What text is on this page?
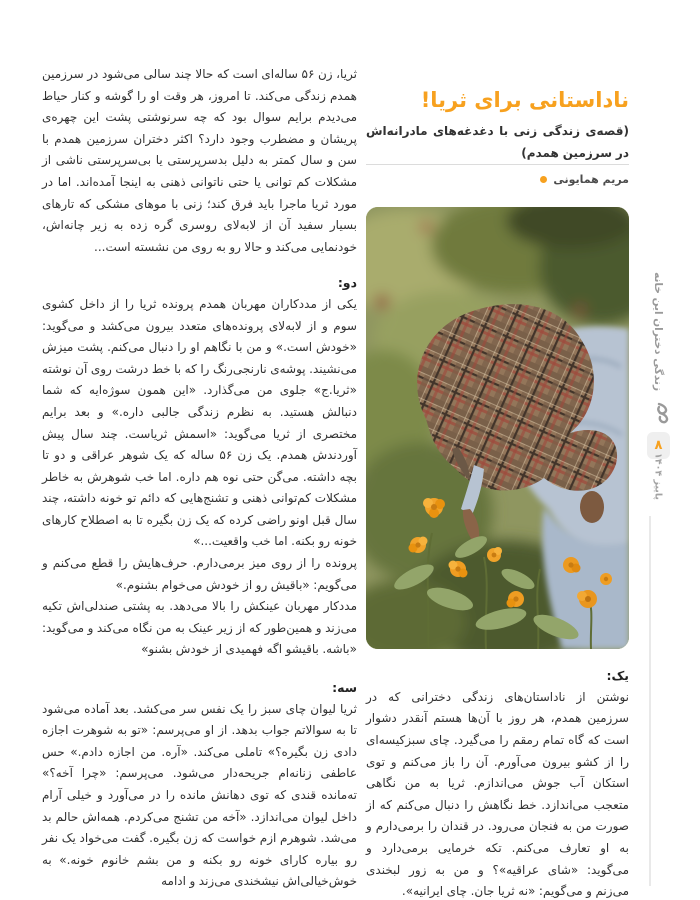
ثریا، زن ۵۶ ساله‌ای است که حالا چند سالی می‌شود در سرزمین همدم زندگی می‌کند. تا امروز، هر وقت او را گوشه و کنار حیاط می‌دیدم برایم سوال بود که چه سرنوشتی پشت این چهره‌ی پریشان و مضطرب وجود دارد؟ اکثر دختران سرزمین همدم با سن و سال کمتر به دلیل بدسرپرستی یا بی‌سرپرستی ناشی از مشکلات کم توانی یا حتی ناتوانی ذهنی به اینجا آمده‌اند. اما در مورد ثریا ماجرا باید فرق کند؛ زنی با موهای مشکی که تارهای بسیار سفید آن از لابه‌لای روسری گره زده به زیر چانه‌اش، خودنمایی می‌کند و حالا رو به روی من نشسته است...

دو:

یکی از مددکاران مهربان همدم پرونده ثریا را از داخل کشوی سوم و از لابه‌لای پرونده‌های متعدد بیرون می‌کشد و می‌گوید: «خودش است.» و من با نگاهم او را دنبال می‌کنم. پشت میزش می‌نشیند. پوشه‌ی نارنجی‌رنگ را که با خط درشت روی آن نوشته «ثریا.ج» جلوی من می‌گذارد. «این همون سوژه‌ایه که شما دنبالش هستید. به نظرم زندگی جالبی داره.» و بعد برایم مختصری از ثریا می‌گوید: «اسمش ثریاست. چند سال پیش آوردندش همدم. یک زن ۵۶ ساله که یک شوهر عراقی و دو تا بچه داشته. می‌گن حتی نوه هم داره. اما خب شوهرش به خاطر مشکلات کم‌توانی ذهنی و تشنج‌هایی که دائم تو خونه داشته، چند سال قبل اونو راضی کرده که یک زن بگیره تا به اصطلاح کارهای خونه رو بکنه. اما خب واقعیت...»

پرونده را از روی میز برمی‌دارم. حرف‌هایش را قطع می‌کنم و می‌گویم: «باقیش رو از خودش می‌خوام بشنوم.»

مددکار مهربان عینکش را بالا می‌دهد. به پشتی صندلی‌اش تکیه می‌زند و همین‌طور که از زیر عینک به من نگاه می‌کند و می‌گوید: «باشه. باقیشو اگه فهمیدی از خودش بشنو»

سه:

ثریا لیوان چای سبز را یک نفس سر می‌کشد. بعد آماده می‌شود تا به سوالاتم جواب بدهد. از او می‌پرسم: «تو به شوهرت اجازه دادی زن بگیره؟» تاملی می‌کند. «آره. من اجازه دادم.» حس عاطفی زنانه‌ام جریحه‌دار می‌شود. می‌پرسم: «چرا آخه؟» ته‌مانده قندی که توی دهانش مانده را در می‌آورد و خیلی آرام داخل لیوان می‌اندازد. «آخه من تشنج می‌کردم. همه‌اش حالم بد می‌شد. شوهرم ازم خواست که زن بگیره. گفت می‌خواد یک نفر رو بیاره کارای خونه رو بکنه و من بشم خانوم خونه.» به خوش‌خیالی‌اش نیشخندی می‌زند و ادامه

ناداستانی برای ثریا!

(قصه‌ی زندگی زنی با دغدغه‌های مادرانه‌اش در سرزمین همدم)

مریم همایونی
یک:

نوشتن از ناداستان‌های زندگی دخترانی که در سرزمین همدم، هر روز با آن‌ها هستم آنقدر دشوار است که گاه تمام رمقم را می‌گیرد. چای سبزکیسه‌ای را از کشو بیرون می‌آورم. آن را باز می‌کنم و توی استکان آب جوش می‌اندازم. ثریا به من نگاهی متعجب می‌اندازد. خط نگاهش را دنبال می‌کنم که از صورت من به فنجان می‌رود. در قندان را برمی‌دارم و به او تعارف می‌کنم. تکه خرمایی برمی‌دارد و می‌گوید: «شای عراقیه»؟ و من به زور لبخندی می‌زنم و می‌گویم: «نه ثریا جان. چای ایرانیه».

زندگی دختران این خانه
۸
پاییز ۱۴۰۴
